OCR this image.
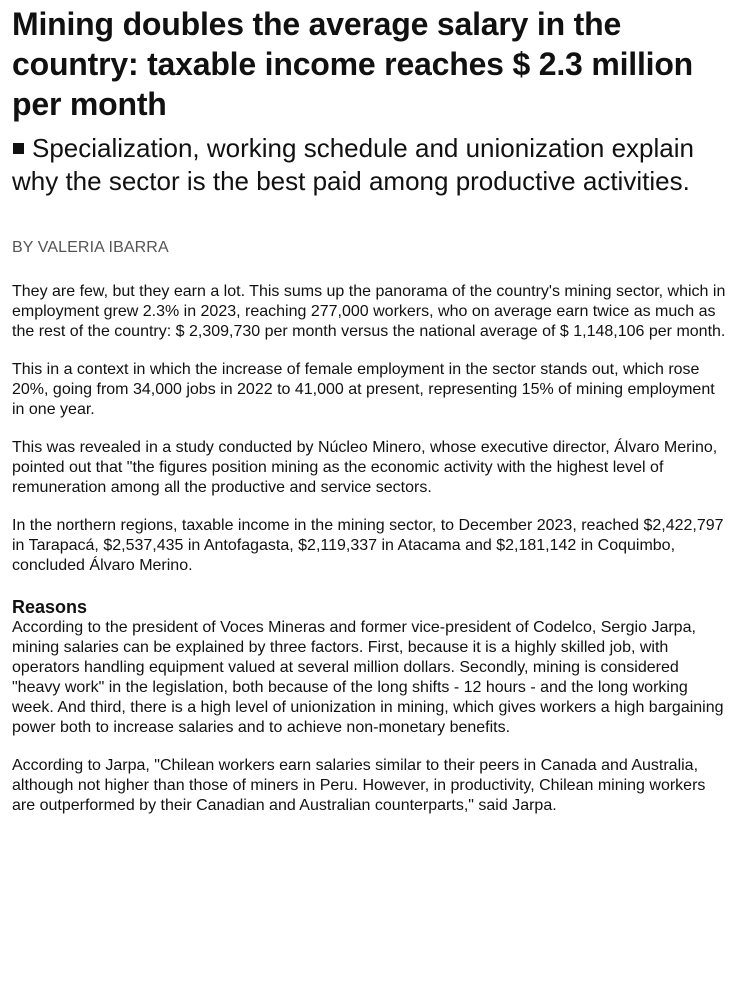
Mining doubles the average salary in the country: taxable income reaches $ 2.3 million per month

Specialization, working schedule and unionization explain why the sector is the best paid among productive activities.

BY VALERIA IBARRA

They are few, but they earn a lot. This sums up the panorama of the country's mining sector, which in employment grew 2.3% in 2023, reaching 277,000 workers, who on average earn twice as much as the rest of the country: $ 2,309,730 per month versus the national average of $ 1,148,106 per month.

This in a context in which the increase of female employment in the sector stands out, which rose 20%, going from 34,000 jobs in 2022 to 41,000 at present, representing 15% of mining employment in one year.

This was revealed in a study conducted by Núcleo Minero, whose executive director, Álvaro Merino, pointed out that "the figures position mining as the economic activity with the highest level of remuneration among all the productive and service sectors.

In the northern regions, taxable income in the mining sector, to December 2023, reached $2,422,797 in Tarapacá, $2,537,435 in Antofagasta, $2,119,337 in Atacama and $2,181,142 in Coquimbo, concluded Álvaro Merino.

Reasons

According to the president of Voces Mineras and former vice-president of Codelco, Sergio Jarpa, mining salaries can be explained by three factors. First, because it is a highly skilled job, with operators handling equipment valued at several million dollars. Secondly, mining is considered "heavy work" in the legislation, both because of the long shifts - 12 hours - and the long working week. And third, there is a high level of unionization in mining, which gives workers a high bargaining power both to increase salaries and to achieve non-monetary benefits.

According to Jarpa, "Chilean workers earn salaries similar to their peers in Canada and Australia, although not higher than those of miners in Peru. However, in productivity, Chilean mining workers are outperformed by their Canadian and Australian counterparts," said Jarpa.
